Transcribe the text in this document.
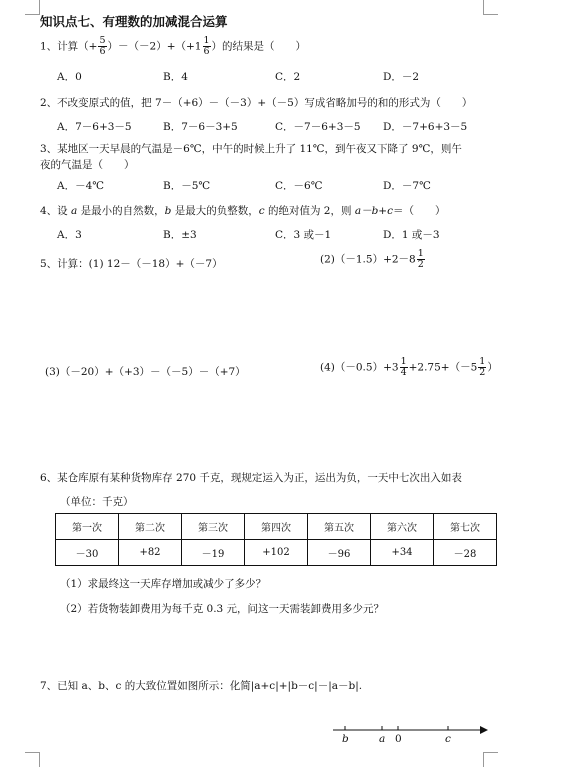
知识点七、有理数的加减混合运算
1、计算（+ $\frac{5}{6} )-(-2)+(+1 \frac{1}{6}$ ）的结果是（　　）
A．0	B．4	C．2	D．－2
2、不改变原式的值，把 7－（+6）－（－3）+（－5）写成省略加号的和的形式为（　　）
A．7－6+3－5	B．7－6－3+5	C．－7－6+3－5 D．－7+6+3－5
3、某地区一天早晨的气温是－6℃，中午的时候上升了 11℃，到午夜又下降了 9℃，则午
夜的气温是（　　）
A．－4℃	B．－5℃	C．－6℃	D．－7℃
4、设 a 是最小的自然数，b 是最大的负整数，c 的绝对值为 2，则 a－b+c＝（　　）
A．3	B．±3	C．3 或－1	D．1 或－3
5、计算：(1) 12－（－18）+（－7）	$(2)(-1.5)+2-8 \frac{1}{2}$
(3)（－20）+（+3）－（－5）－（+7）	$(4)(-0.5)+3 \frac{1}{4} +2.75+(-5 \frac{1}{2}$ ）
6、某仓库原有某种货物库存 270 千克，现规定运入为正，运出为负，一天中七次出入如表
（单位：千克）
第一次	第二次	第三次	第四次	第五次	第六次	第七次
－30	+82	－19	+102	－96	+34	－28
（1）求最终这一天库存增加或减少了多少？
（2）若货物装卸费用为每千克 0.3 元，问这一天需装卸费用多少元？
7、已知 a、b、c 的大致位置如图所示：化简|a+c|+|b－c|－|a－b|.
b	a 0	c
